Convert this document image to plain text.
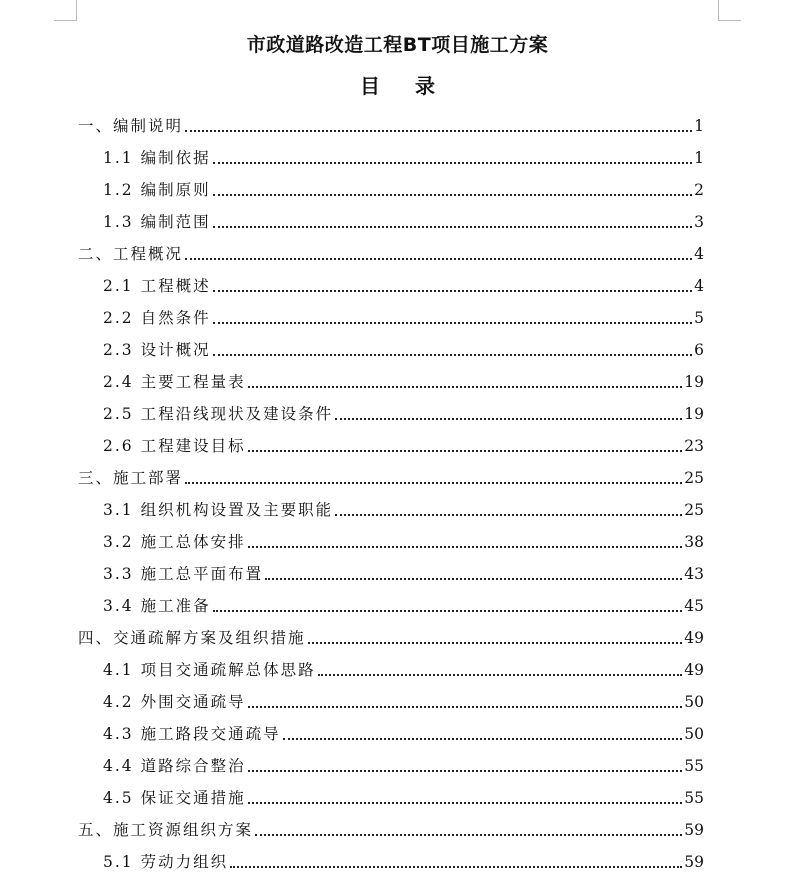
市政道路改造工程BT项目施工方案
目 录
一、编制说明	1
1.1 编制依据	1
1.2 编制原则	2
1.3 编制范围	3
二、工程概况	4
2.1 工程概述	4
2.2 自然条件	5
2.3 设计概况	6
2.4 主要工程量表	19
2.5 工程沿线现状及建设条件	19
2.6 工程建设目标	23
三、施工部署	25
3.1 组织机构设置及主要职能	25
3.2 施工总体安排	38
3.3 施工总平面布置	43
3.4 施工准备	45
四、交通疏解方案及组织措施	49
4.1 项目交通疏解总体思路	49
4.2 外围交通疏导	50
4.3 施工路段交通疏导	50
4.4 道路综合整治	55
4.5 保证交通措施	55
五、施工资源组织方案	59
5.1 劳动力组织	59
